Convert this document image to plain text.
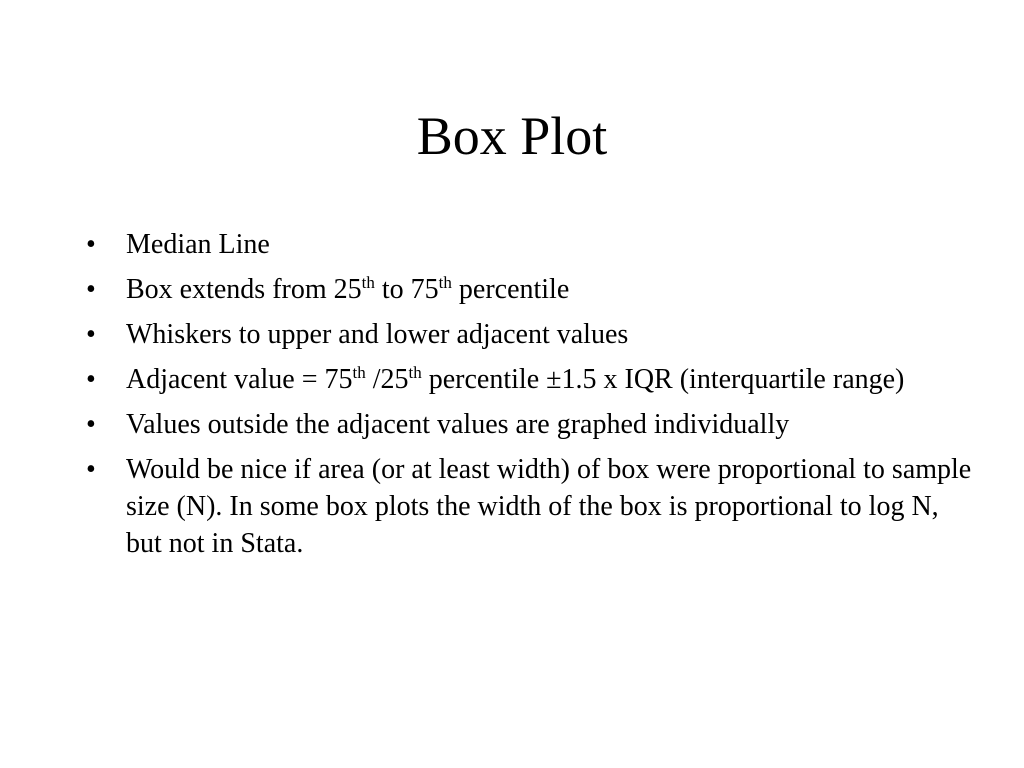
Box Plot
•	Median Line
•	Box extends from 25th to 75th percentile
•	Whiskers to upper and lower adjacent values
•	Adjacent value = 75th /25th percentile ±1.5 x IQR (interquartile range)
•	Values outside the adjacent values are graphed individually
•	Would be nice if area (or at least width) of box were proportional to sample size (N). In some box plots the width of the box is proportional to log N, but not in Stata.
